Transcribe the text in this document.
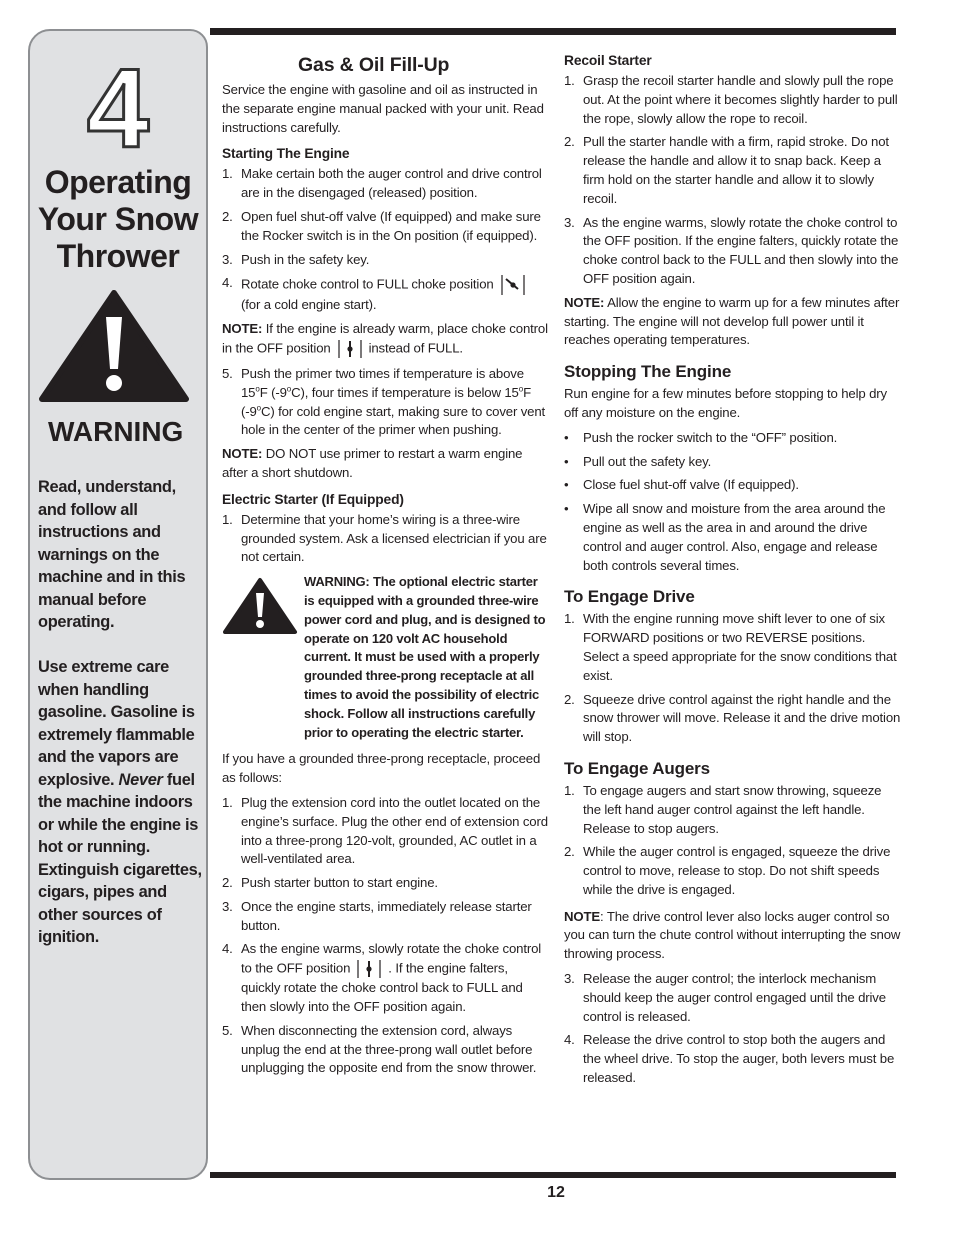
4
Operating
Your Snow
Thrower
WARNING

Read, understand, and follow all instructions and warnings on the machine and in this manual before operating.

Use extreme care when handling gasoline. Gasoline is extremely flammable and the vapors are explosive. Never fuel the machine indoors or while the engine is hot or running. Extinguish cigarettes, cigars, pipes and other sources of ignition.

Gas & Oil Fill-Up
Service the engine with gasoline and oil as instructed in the separate engine manual packed with your unit. Read instructions carefully.
Starting The Engine
1. Make certain both the auger control and drive control are in the disengaged (released) position.
2. Open fuel shut-off valve (If equipped) and make sure the Rocker switch is in the On position (if equipped).
3. Push in the safety key.
4. Rotate choke control to FULL choke position
(for a cold engine start).
NOTE: If the engine is already warm, place choke control in the OFF position	instead of FULL.
5. Push the primer two times if temperature is above 15$^o$F (-9$^o$C), four times if temperature is below 15$^o$F (-9$^o$C) for cold engine start, making sure to cover vent hole in the center of the primer when pushing.
NOTE: DO NOT use primer to restart a warm engine after a short shutdown.
Electric Starter (If Equipped)
1. Determine that your home’s wiring is a three-wire grounded system. Ask a licensed electrician if you are not certain.
WARNING: The optional electric starter is equipped with a grounded three-wire power cord and plug, and is designed to operate on 120 volt AC household current. It must be used with a properly grounded three-prong receptacle at all times to avoid the possibility of electric shock. Follow all instructions carefully prior to operating the electric starter.
If you have a grounded three-prong receptacle, proceed as follows:
1. Plug the extension cord into the outlet located on the engine’s surface. Plug the other end of extension cord into a three-prong 120-volt, grounded, AC outlet in a well-ventilated area.
2. Push starter button to start engine.
3. Once the engine starts, immediately release starter button.
4. As the engine warms, slowly rotate the choke control to the OFF position	. If the engine falters, quickly rotate the choke control back to FULL and then slowly into the OFF position again.
5. When disconnecting the extension cord, always unplug the end at the three-prong wall outlet before unplugging the opposite end from the snow thrower.
Recoil Starter
1. Grasp the recoil starter handle and slowly pull the rope out. At the point where it becomes slightly harder to pull the rope, slowly allow the rope to recoil.
2. Pull the starter handle with a firm, rapid stroke. Do not release the handle and allow it to snap back. Keep a firm hold on the starter handle and allow it to slowly recoil.
3. As the engine warms, slowly rotate the choke control to the OFF position. If the engine falters, quickly rotate the choke control back to the FULL and then slowly into the OFF position again.
NOTE: Allow the engine to warm up for a few minutes after starting. The engine will not develop full power until it reaches operating temperatures.
Stopping The Engine
Run engine for a few minutes before stopping to help dry off any moisture on the engine.
• Push the rocker switch to the “OFF” position.
• Pull out the safety key.
• Close fuel shut-off valve (If equipped).
• Wipe all snow and moisture from the area around the engine as well as the area in and around the drive control and auger control. Also, engage and release both controls several times.
To Engage Drive
1. With the engine running move shift lever to one of six FORWARD positions or two REVERSE positions. Select a speed appropriate for the snow conditions that exist.
2. Squeeze drive control against the right handle and the snow thrower will move. Release it and the drive motion will stop.
To Engage Augers
1. To engage augers and start snow throwing, squeeze the left hand auger control against the left handle. Release to stop augers.
2. While the auger control is engaged, squeeze the drive control to move, release to stop. Do not shift speeds while the drive is engaged.
NOTE: The drive control lever also locks auger control so you can turn the chute control without interrupting the snow throwing process.
3. Release the auger control; the interlock mechanism should keep the auger control engaged until the drive control is released.
4. Release the drive control to stop both the augers and the wheel drive. To stop the auger, both levers must be released.
12
